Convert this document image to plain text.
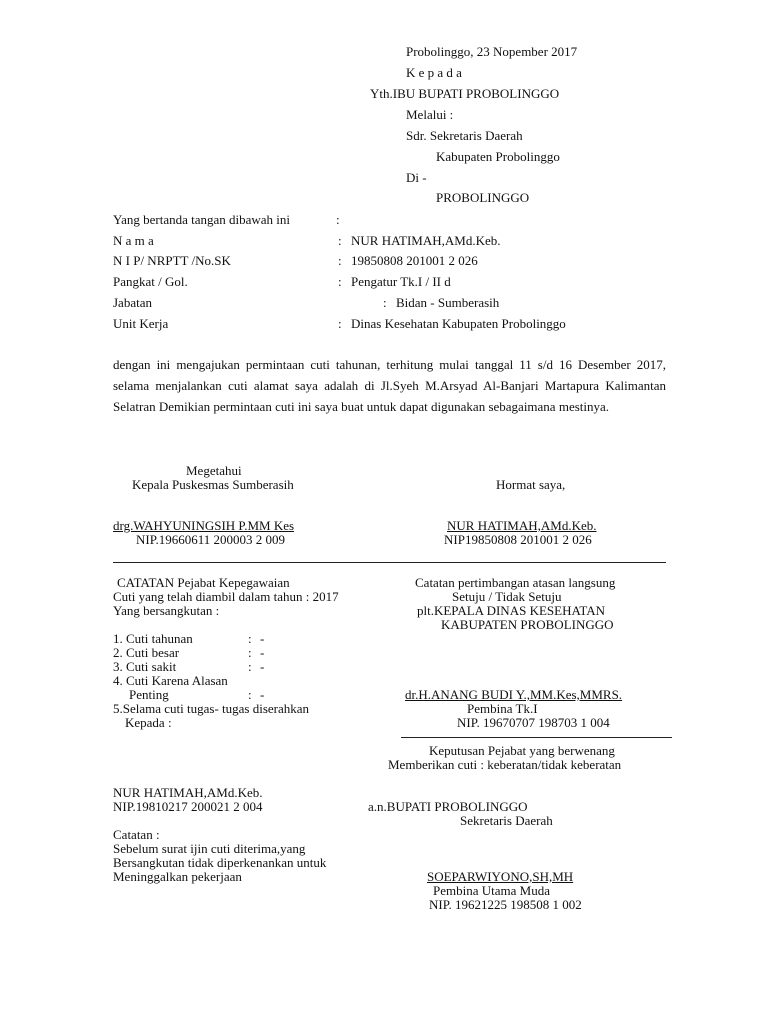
Probolinggo, 23 Nopember 2017
K e p a d a
Yth.IBU BUPATI PROBOLINGGO
Melalui :
Sdr. Sekretaris Daerah
Kabupaten Probolinggo
Di -
PROBOLINGGO
Yang bertanda tangan dibawah ini	:
N a m a	: NUR HATIMAH,AMd.Keb.
N I P/ NRPTT /No.SK	: 19850808 201001 2 026
Pangkat / Gol.	: Pengatur Tk.I / II d
Jabatan	: Bidan - Sumberasih
Unit Kerja	: Dinas Kesehatan Kabupaten Probolinggo
dengan ini mengajukan permintaan cuti tahunan, terhitung mulai tanggal 11 s/d 16 Desember 2017, selama menjalankan cuti alamat saya adalah di Jl.Syeh M.Arsyad Al-Banjari Martapura Kalimantan Selatran Demikian permintaan cuti ini saya buat untuk dapat digunakan sebagaimana mestinya.
Megetahui
Kepala Puskesmas Sumberasih	Hormat saya,
drg.WAHYUNINGSIH P.MM Kes
NIP.19660611 200003 2 009
NUR HATIMAH,AMd.Keb.
NIP19850808 201001 2 026
CATATAN Pejabat Kepegawaian
Cuti yang telah diambil dalam tahun : 2017
Yang bersangkutan :
1. Cuti tahunan	: -
2. Cuti besar	: -
3. Cuti sakit	: -
4. Cuti Karena Alasan
Penting	: -
5.Selama cuti tugas- tugas diserahkan
Kepada :
Catatan pertimbangan atasan langsung
Setuju / Tidak Setuju
plt.KEPALA DINAS KESEHATAN
KABUPATEN PROBOLINGGO
dr.H.ANANG BUDI Y.,MM.Kes,MMRS.
Pembina Tk.I
NIP. 19670707 198703 1 004
Keputusan Pejabat yang berwenang
Memberikan cuti : keberatan/tidak keberatan
NUR HATIMAH,AMd.Keb.
NIP.19810217 200021 2 004	a.n.BUPATI PROBOLINGGO
Sekretaris Daerah
Catatan :
Sebelum surat ijin cuti diterima,yang
Bersangkutan tidak diperkenankan untuk
Meninggalkan pekerjaan	SOEPARWIYONO,SH,MH
Pembina Utama Muda
NIP. 19621225 198508 1 002
